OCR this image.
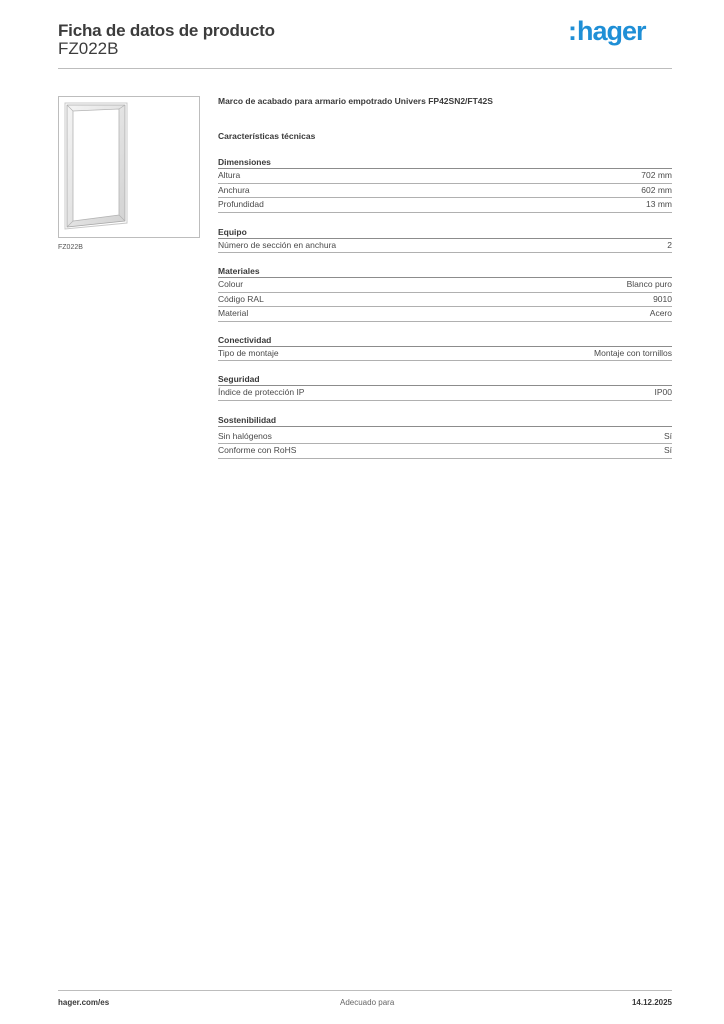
Ficha de datos de producto
FZ022B
:hager
FZ022B
Marco de acabado para armario empotrado Univers FP42SN2/FT42S
Características técnicas
Dimensiones
Altura	702 mm
Anchura	602 mm
Profundidad	13 mm
Equipo
Número de sección en anchura	2
Materiales
Colour	Blanco puro
Código RAL	9010
Material	Acero
Conectividad
Tipo de montaje	Montaje con tornillos
Seguridad
Índice de protección IP	IP00
Sostenibilidad
Sin halógenos	Sí
Conforme con RoHS	Sí
hager.com/es	Adecuado para	14.12.2025
